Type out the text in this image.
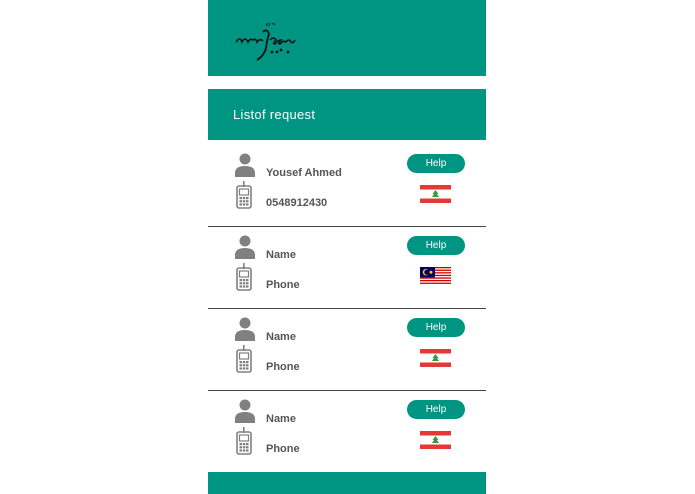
Listof request
Yousef Ahmed
0548912430
Help
Name
Phone
Help
Name
Phone
Help
Name
Phone
Help
